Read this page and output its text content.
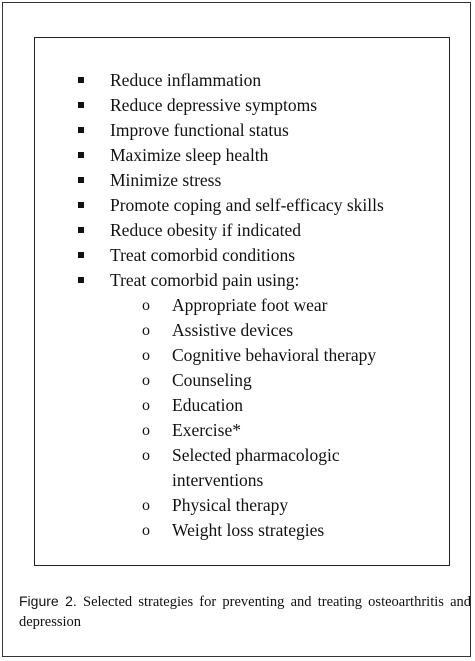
Reduce inflammation
Reduce depressive symptoms
Improve functional status
Maximize sleep health
Minimize stress
Promote coping and self-efficacy skills
Reduce obesity if indicated
Treat comorbid conditions
Treat comorbid pain using:
o Appropriate foot wear
o Assistive devices
o Cognitive behavioral therapy
o Counseling
o Education
o Exercise*
o Selected pharmacologic interventions
o Physical therapy
o Weight loss strategies
Figure 2. Selected strategies for preventing and treating osteoarthritis and depression
